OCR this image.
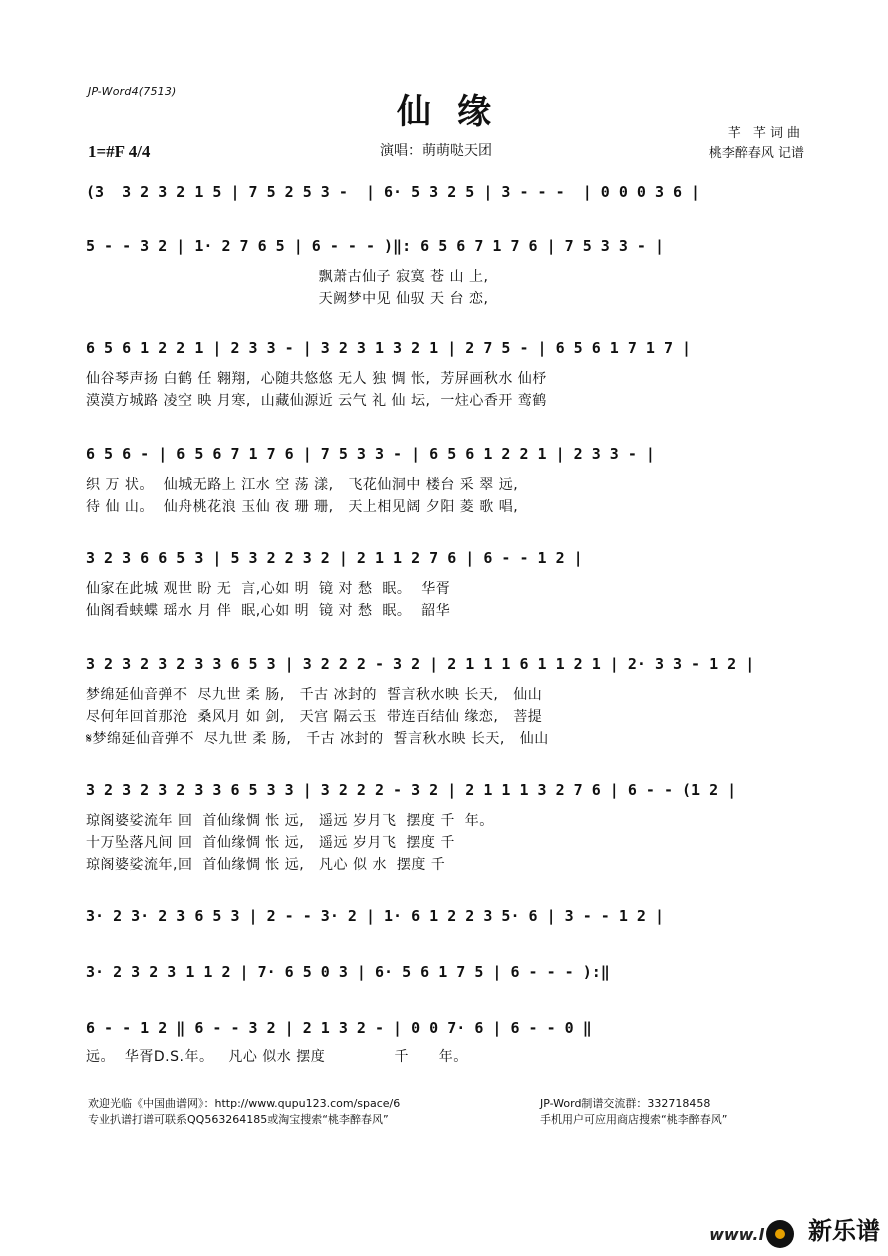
JP-Word4(7513)
仙缘
1=#F 4/4	演唱：萌萌哒天团
芊 芊词曲
桃李醉春风 记谱
(3  3 2 3 2 1 5 | 7 5 2 5 3 -  | 6· 5 3 2 5 | 3 - - -  | 0 0 0 3 6 |
5 - - 3 2 | 1· 2 7 6 5 | 6 - - - )‖: 6 5 6 7 1 7 6 | 7 5 3 3 - |
飘萧古仙子 寂寞 苍 山 上,
天阙梦中见 仙驭 天 台 恋,
6 5 6 1 2 2 1 | 2 3 3 - | 3 2 3 1 3 2 1 | 2 7 5 - | 6 5 6 1 7 1 7 |
仙谷琴声扬 白鹤 任 翱翔,  心随共悠悠 无人 独 惆 怅,  芳屏画秋水 仙杼
漠漠方城路 凌空 映 月寒,  山藏仙源近 云气 礼 仙 坛,  一炷心香开 鸾鹤
6 5 6 - | 6 5 6 7 1 7 6 | 7 5 3 3 - | 6 5 6 1 2 2 1 | 2 3 3 - |
织 万 状。  仙城无路上 江水 空 荡 漾,   飞花仙洞中 楼台 采 翠 远,
待 仙 山。  仙舟桃花浪 玉仙 夜 珊 珊,   天上相见阔 夕阳 菱 歌 唱,
3 2 3 6 6 5 3 | 5 3 2 2 3 2 | 2 1 1 2 7 6 | 6 - - 1 2 |
仙家在此城 观世 盼 无  言,心如 明  镜 对 愁  眠。  华胥
仙阁看蛱蝶 瑶水 月 伴  眠,心如 明  镜 对 愁  眠。  韶华
3 2 3 2 3 2 3 3 6 5 3 | 3 2 2 2 - 3 2 | 2 1 1 1 6 1 1 2 1 | 2· 3 3 - 1 2 |
梦绵延仙音弹不  尽九世 柔 肠,   千古 冰封的  誓言秋水映 长天,   仙山
尽何年回首那沧  桑风月 如 剑,   天宫 隔云玉  带连百结仙 缘恋,   菩提
𝄋梦绵延仙音弹不  尽九世 柔 肠,   千古 冰封的  誓言秋水映 长天,   仙山
3 2 3 2 3 2 3 3 6 5 3 3 | 3 2 2 2 - 3 2 | 2 1 1 1 3 2 7 6 | 6 - - (1 2 |
琼阁婆娑流年 回  首仙缘惆 怅 远,   遥远 岁月飞  摆度 千  年。
十万坠落凡间 回  首仙缘惆 怅 远,   遥远 岁月飞  摆度 千
琼阁婆娑流年,回  首仙缘惆 怅 远,   凡心 似 水  摆度 千
3· 2 3· 2 3 6 5 3 | 2 - - 3· 2 | 1· 6 1 2 2 3 5· 6 | 3 - - 1 2 |
3· 2 3 2 3 1 1 2 | 7· 6 5 0 3 | 6· 5 6 1 7 5 | 6 - - - ):‖
6 - - 1 2 ‖ 6 - - 3 2 | 2 1 3 2 - | 0 0 7· 6 | 6 - - 0 ‖
远。  华胥D.S.年。   凡心 似水 摆度              千      年。
欢迎光临《中国曲谱网》：http://www.qupu123.com/space/6
专业扒谱打谱可联系QQ563264185或淘宝搜索“桃李醉春风”
JP-Word制谱交流群：332718458
手机用户可应用商店搜索“桃李醉春风”
www.l 新乐谱
